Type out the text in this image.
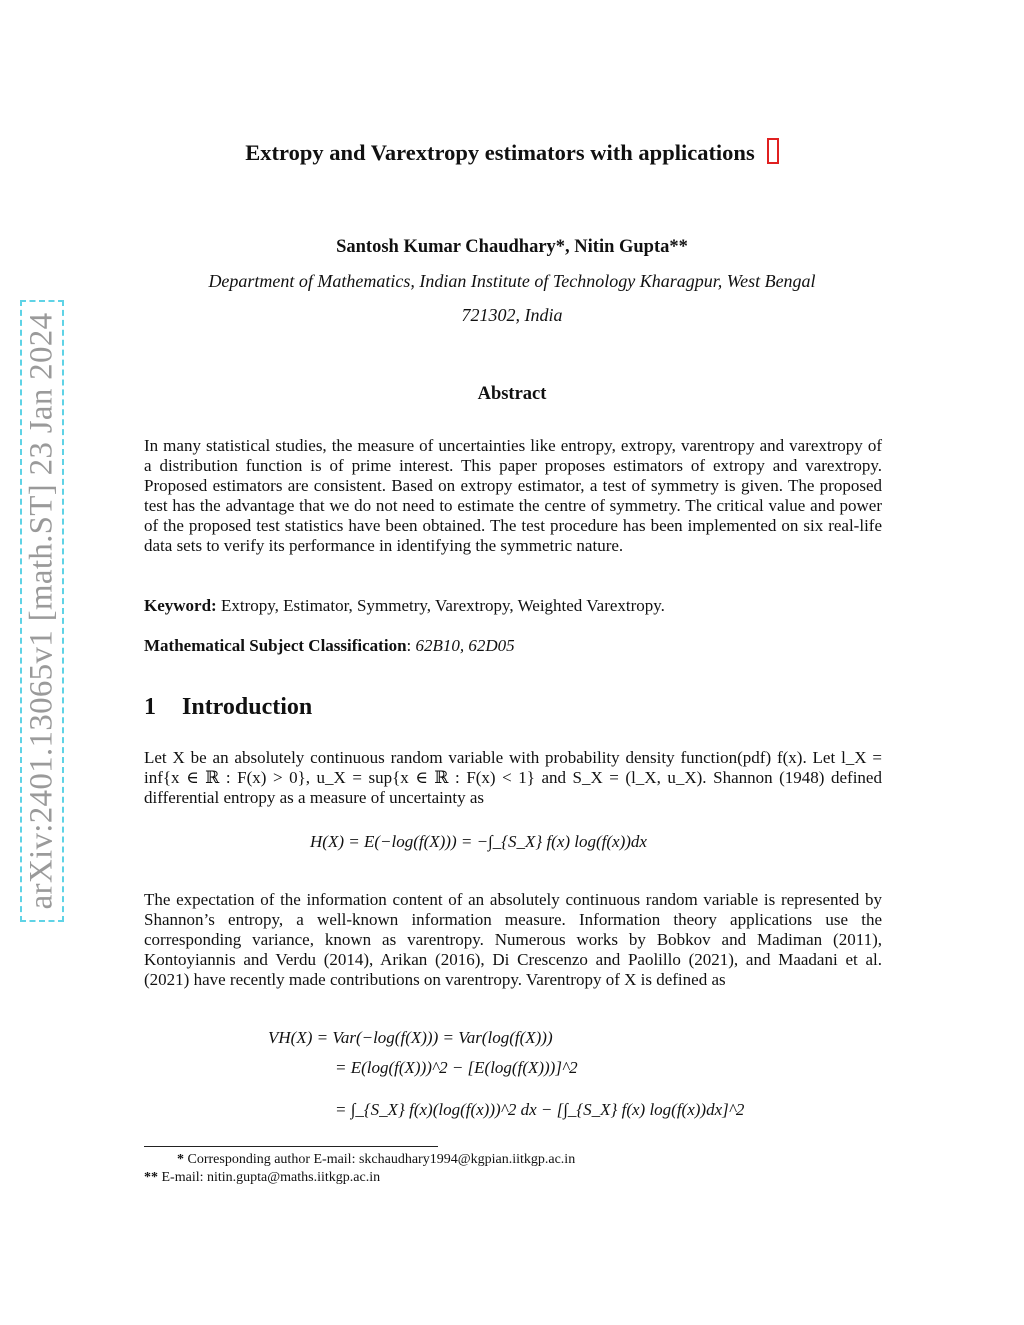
arXiv:2401.13065v1 [math.ST] 23 Jan 2024
Extropy and Varextropy estimators with applications
Santosh Kumar Chaudhary*, Nitin Gupta**
Department of Mathematics, Indian Institute of Technology Kharagpur, West Bengal
721302, India
Abstract

In many statistical studies, the measure of uncertainties like entropy, extropy, varentropy and varextropy of a distribution function is of prime interest. This paper proposes estimators of extropy and varextropy. Proposed estimators are consistent. Based on extropy estimator, a test of symmetry is given. The proposed test has the advantage that we do not need to estimate the centre of symmetry. The critical value and power of the proposed test statistics have been obtained. The test procedure has been implemented on six real-life data sets to verify its performance in identifying the symmetric nature.

Keyword: Extropy, Estimator, Symmetry, Varextropy, Weighted Varextropy.
Mathematical Subject Classification: 62B10, 62D05
1 Introduction

Let X be an absolutely continuous random variable with probability density function(pdf) f(x). Let l_X = inf{x ∈ ℝ : F(x) > 0}, u_X = sup{x ∈ ℝ : F(x) < 1} and S_X = (l_X, u_X). Shannon (1948) defined differential entropy as a measure of uncertainty as

H(X) = E(−log(f(X))) = −∫_{S_X} f(x) log(f(x))dx

The expectation of the information content of an absolutely continuous random variable is represented by Shannon’s entropy, a well-known information measure. Information theory applications use the corresponding variance, known as varentropy. Numerous works by Bobkov and Madiman (2011), Kontoyiannis and Verdu (2014), Arikan (2016), Di Crescenzo and Paolillo (2021), and Maadani et al. (2021) have recently made contributions on varentropy. Varentropy of X is defined as

VH(X) = Var(−log(f(X))) = Var(log(f(X)))
= E(log(f(X)))^2 − [E(log(f(X)))]^2
= ∫_{S_X} f(x)(log(f(x)))^2 dx − [∫_{S_X} f(x) log(f(x))dx]^2
* Corresponding author E-mail: skchaudhary1994@kgpian.iitkgp.ac.in
** E-mail: nitin.gupta@maths.iitkgp.ac.in
